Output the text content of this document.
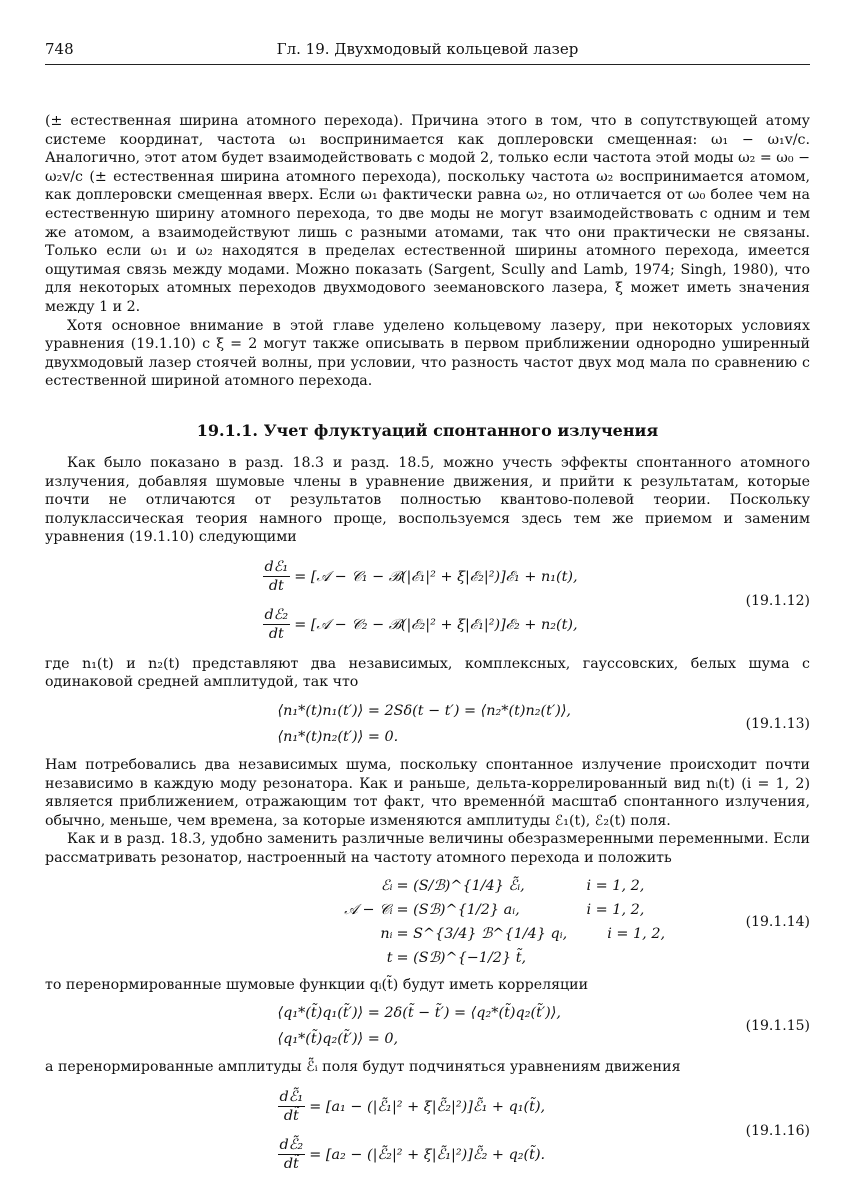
748	Гл. 19. Двухмодовый кольцевой лазер

(± естественная ширина атомного перехода). Причина этого в том, что в сопутствующей атому системе координат, частота ω₁ воспринимается как доплеровски смещенная: ω₁ − ω₁v/c. Аналогично, этот атом будет взаимодействовать с модой 2, только если частота этой моды ω₂ = ω₀ − ω₂v/c (± естественная ширина атомного перехода), поскольку частота ω₂ воспринимается атомом, как доплеровски смещенная вверх. Если ω₁ фактически равна ω₂, но отличается от ω₀ более чем на естественную ширину атомного перехода, то две моды не могут взаимодействовать с одним и тем же атомом, а взаимодействуют лишь с разными атомами, так что они практически не связаны. Только если ω₁ и ω₂ находятся в пределах естественной ширины атомного перехода, имеется ощутимая связь между модами. Можно показать (Sargent, Scully and Lamb, 1974; Singh, 1980), что для некоторых атомных переходов двухмодового зеемановского лазера, ξ может иметь значения между 1 и 2.

Хотя основное внимание в этой главе уделено кольцевому лазеру, при некоторых условиях уравнения (19.1.10) с ξ = 2 могут также описывать в первом приближении однородно уширенный двухмодовый лазер стоячей волны, при условии, что разность частот двух мод мала по сравнению с естественной шириной атомного перехода.

19.1.1. Учет флуктуаций спонтанного излучения

Как было показано в разд. 18.3 и разд. 18.5, можно учесть эффекты спонтанного атомного излучения, добавляя шумовые члены в уравнение движения, и прийти к результатам, которые почти не отличаются от результатов полностью квантово-полевой теории. Поскольку полуклассическая теория намного проще, воспользуемся здесь тем же приемом и заменим уравнения (19.1.10) следующими

$\frac{\text{dℰ₁}}{dt}$ = [𝒜 − 𝒞₁ − ℬ(|ℰ₁|² + ξ|ℰ₂|²)]ℰ₁ + n₁(t),
$\frac{\text{dℰ₂}}{dt}$ = [𝒜 − 𝒞₂ − ℬ(|ℰ₂|² + ξ|ℰ₁|²)]ℰ₂ + n₂(t),
(19.1.12)

где n₁(t) и n₂(t) представляют два независимых, комплексных, гауссовских, белых шума с одинаковой средней амплитудой, так что

⟨n₁*(t)n₁(t′)⟩ = 2Sδ(t − t′) = ⟨n₂*(t)n₂(t′)⟩,
⟨n₁*(t)n₂(t′)⟩ = 0.
(19.1.13)

Нам потребовались два независимых шума, поскольку спонтанное излучение происходит почти независимо в каждую моду резонатора. Как и раньше, дельта-коррелированный вид nᵢ(t) (i = 1, 2) является приближением, отражающим тот факт, что временнóй масштаб спонтанного излучения, обычно, меньше, чем времена, за которые изменяются амплитуды ℰ₁(t), ℰ₂(t) поля.

Как и в разд. 18.3, удобно заменить различные величины обезразмеренными переменными. Если рассматривать резонатор, настроенный на частоту атомного перехода и положить

ℰᵢ = (S/ℬ)^{1/4} ℰ̃ᵢ,	i = 1, 2,
𝒜 − 𝒞ᵢ = (Sℬ)^{1/2} aᵢ,	i = 1, 2,
nᵢ = S^{3/4} ℬ^{1/4} qᵢ,	i = 1, 2,
t = (Sℬ)^{−1/2} t̃,
(19.1.14)

то перенормированные шумовые функции qᵢ(t̃) будут иметь корреляции

⟨q₁*(t̃)q₁(t̃′)⟩ = 2δ(t̃ − t̃′) = ⟨q₂*(t̃)q₂(t̃′)⟩,
⟨q₁*(t̃)q₂(t̃′)⟩ = 0,
(19.1.15)

а перенормированные амплитуды ℰ̃ᵢ поля будут подчиняться уравнениям движения

$\frac{\text{dℰ̃₁}}{dt̃} = [a_1$ − (|ℰ̃₁|² + ξ|ℰ̃₂|²)]ℰ̃₁ + q₁(t̃),
$\frac{\text{dℰ̃₂}}{dt̃} = [a_2$ − (|ℰ̃₂|² + ξ|ℰ̃₁|²)]ℰ̃₂ + q₂(t̃).
(19.1.16)
